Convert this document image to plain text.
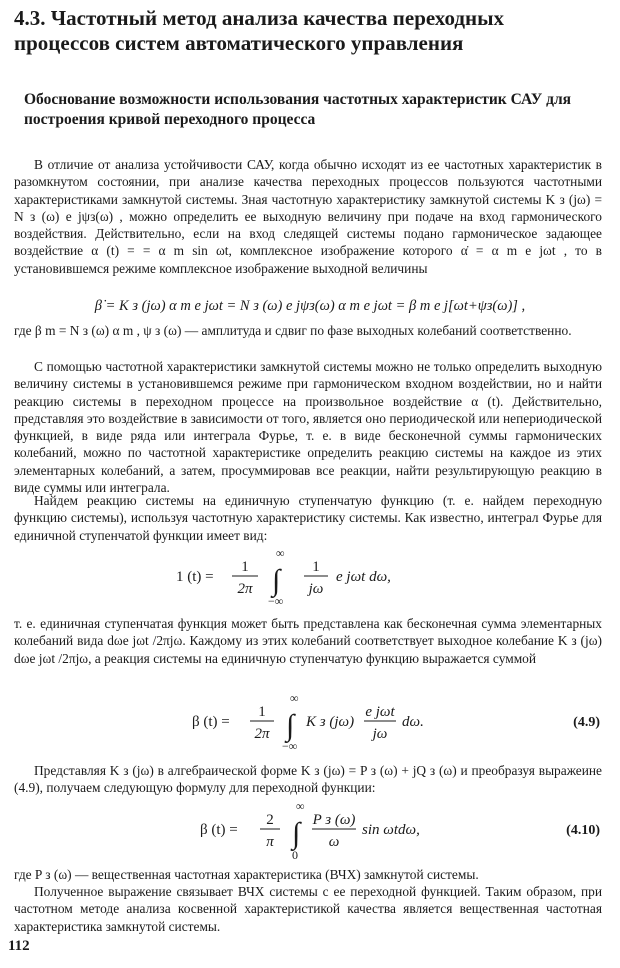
4.3. Частотный метод анализа качества переходных процессов систем автоматического управления
Обоснование возможности использования частотных характеристик САУ для построения кривой переходного процесса

В отличие от анализа устойчивости САУ, когда обычно исходят из ее частотных характеристик в разомкнутом состоянии, при анализе качества переходных процессов пользуются частотными характеристиками замкнутой системы. Зная частотную характеристику замкнутой системы K з (jω) = N з (ω) e jψз(ω) , можно определить ее выходную величину при подаче на вход гармонического воздействия. Действительно, если на вход следящей системы подано гармоническое задающее воздействие α (t) = = α m sin ωt, комплексное изображение которого α̇ = α m e jωt , то в установившемся режиме комплексное изображение выходной величины

β̇ = K з (jω) α m e jωt = N з (ω) e jψз(ω) α m e jωt = β m e j[ωt+ψз(ω)] ,

где β m = N з (ω) α m , ψ з (ω) — амплитуда и сдвиг по фазе выходных колебаний соответственно.

С помощью частотной характеристики замкнутой системы можно не только определить выходную величину системы в установившемся режиме при гармоническом входном воздействии, но и найти реакцию системы в переходном процессе на произвольное воздействие α (t). Действительно, представляя это воздействие в зависимости от того, является оно периодической или непериодической функцией, в виде ряда или интеграла Фурье, т. е. в виде бесконечной суммы гармонических колебаний, можно по частотной характеристике определить реакцию системы на каждое из этих элементарных колебаний, а затем, просуммировав все реакции, найти результирующую реакцию в виде суммы или интеграла.

Найдем реакцию системы на единичную ступенчатую функцию (т. е. найдем переходную функцию системы), используя частотную характеристику системы. Как известно, интеграл Фурье для единичной ступенчатой функции имеет вид:

1 (t) =
1
2π
∞
∫
−∞
1
jω
e jωt dω,

т. е. единичная ступенчатая функция может быть представлена как бесконечная сумма элементарных колебаний вида dωe jωt /2πjω. Каждому из этих колебаний соответствует выходное колебание K з (jω) dωe jωt /2πjω, а реакция системы на единичную ступенчатую функцию выражается суммой

β (t) =
1
2π
∞
∫
−∞
K з (jω)
e jωt
jω
dω.	(4.9)

Представляя K з (jω) в алгебраической форме K з (jω) = P з (ω) + jQ з (ω) и преобразуя выражеине (4.9), получаем следующую формулу для переходной функции:

β (t) =
2
π
∞
∫
0
P з (ω)
ω
sin ωtdω,	(4.10)

где P з (ω) — вещественная частотная характеристика (ВЧХ) замкнутой системы.

Полученное выражение связывает ВЧХ системы с ее переходной функцией. Таким образом, при частотном методе анализа косвенной характеристикой качества является вещественная частотная характеристика замкнутой системы.

112
